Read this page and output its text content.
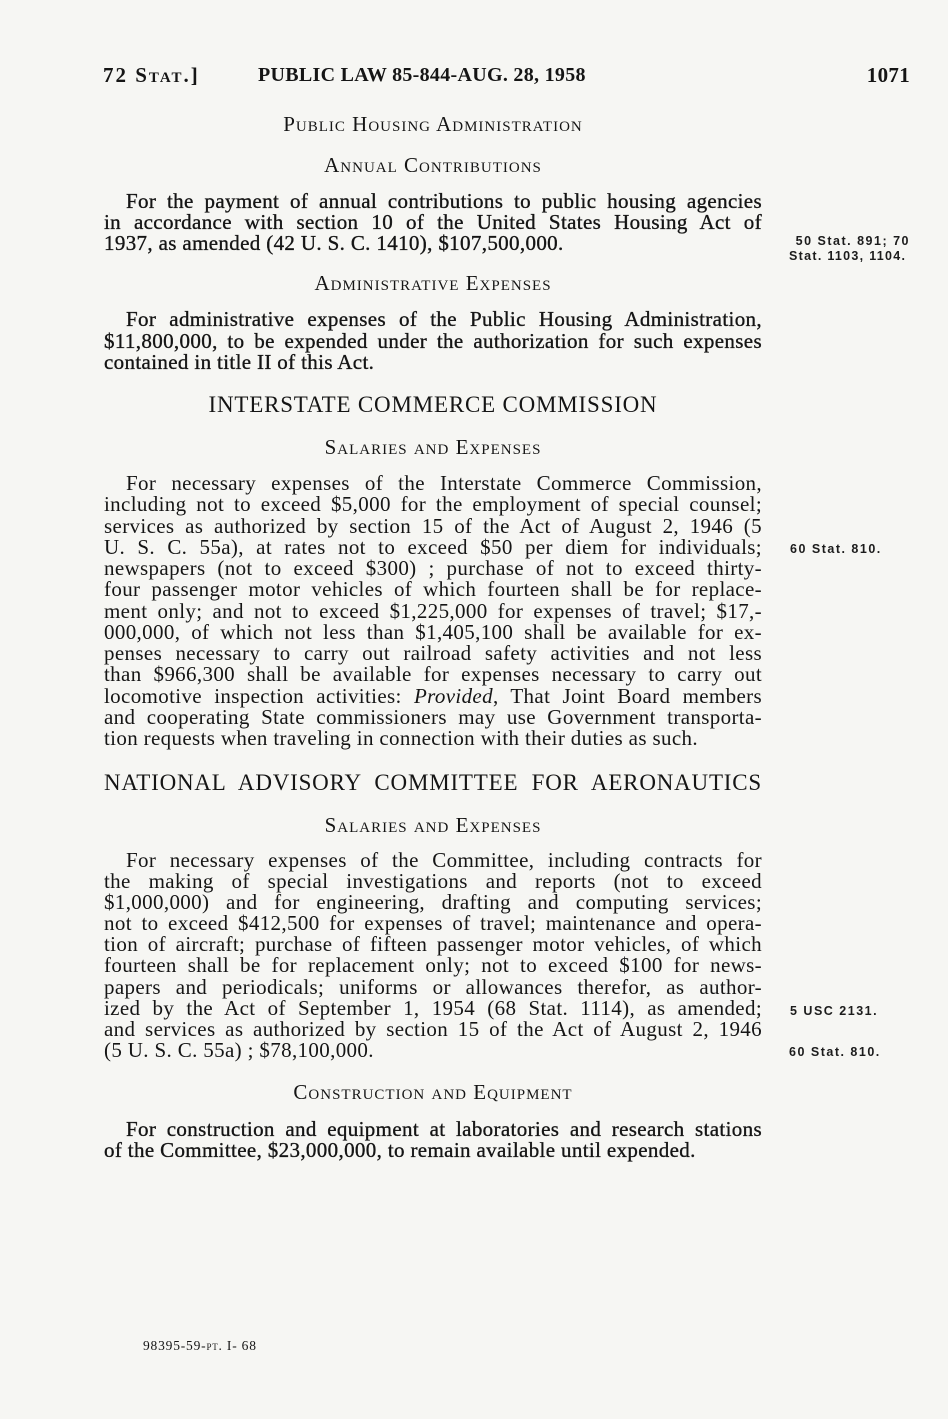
72 Stat.]	PUBLIC LAW 85-844-AUG. 28, 1958	1071
Public Housing Administration
Annual Contributions
For the payment of annual contributions to public housing agencies
in accordance with section 10 of the United States Housing Act of
1937, as amended (42 U. S. C. 1410), $107,500,000.
Administrative Expenses
For administrative expenses of the Public Housing Administration,
$11,800,000, to be expended under the authorization for such expenses
contained in title II of this Act.
INTERSTATE COMMERCE COMMISSION
Salaries and Expenses
For necessary expenses of the Interstate Commerce Commission,
including not to exceed $5,000 for the employment of special counsel;
services as authorized by section 15 of the Act of August 2, 1946 (5
U. S. C. 55a), at rates not to exceed $50 per diem for individuals;
newspapers (not to exceed $300) ; purchase of not to exceed thirty-
four passenger motor vehicles of which fourteen shall be for replace-
ment only; and not to exceed $1,225,000 for expenses of travel; $17,-
000,000, of which not less than $1,405,100 shall be available for ex-
penses necessary to carry out railroad safety activities and not less
than $966,300 shall be available for expenses necessary to carry out
locomotive inspection activities: Provided, That Joint Board members
and cooperating State commissioners may use Government transporta-
tion requests when traveling in connection with their duties as such.
NATIONAL ADVISORY COMMITTEE FOR AERONAUTICS
Salaries and Expenses
For necessary expenses of the Committee, including contracts for
the making of special investigations and reports (not to exceed
$1,000,000) and for engineering, drafting and computing services;
not to exceed $412,500 for expenses of travel; maintenance and opera-
tion of aircraft; purchase of fifteen passenger motor vehicles, of which
fourteen shall be for replacement only; not to exceed $100 for news-
papers and periodicals; uniforms or allowances therefor, as author-
ized by the Act of September 1, 1954 (68 Stat. 1114), as amended;
and services as authorized by section 15 of the Act of August 2, 1946
(5 U. S. C. 55a) ; $78,100,000.
Construction and Equipment
For construction and equipment at laboratories and research stations
of the Committee, $23,000,000, to remain available until expended.
50 Stat. 891; 70
Stat. 1103, 1104.
60 Stat. 810.
5 USC 2131.
60 Stat. 810.
98395-59-pt. I- 68
